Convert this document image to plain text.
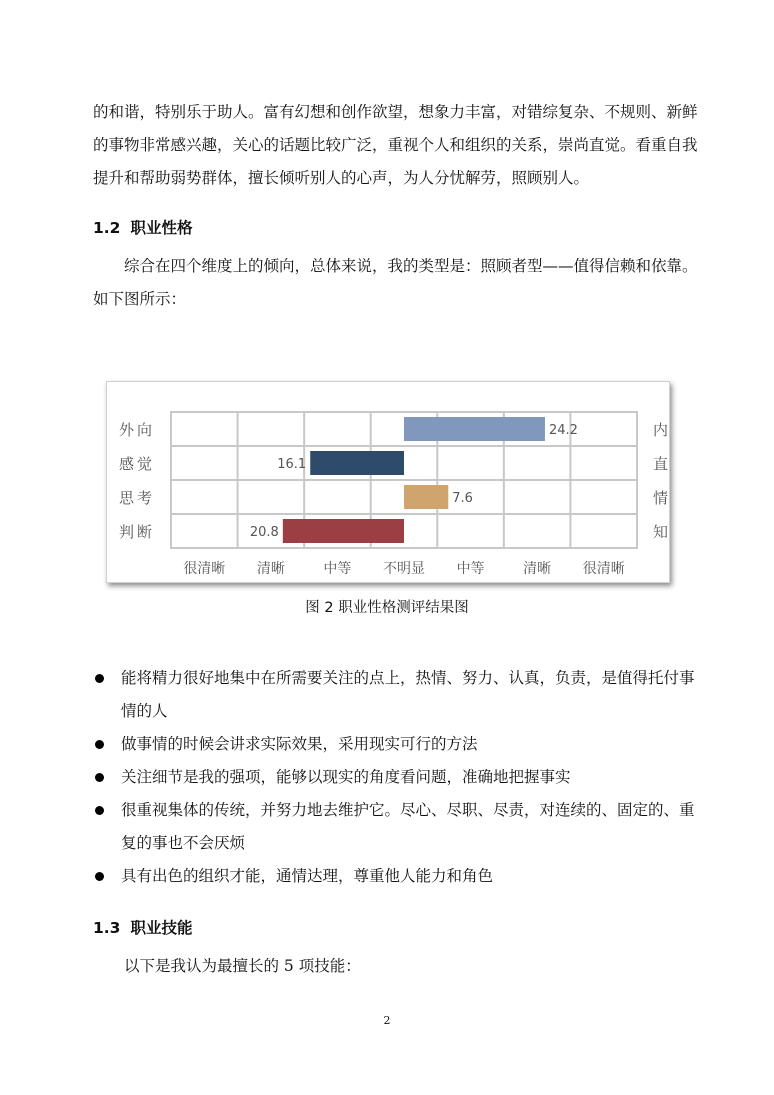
的和谐，特别乐于助人。富有幻想和创作欲望，想象力丰富，对错综复杂、不规则、新鲜的事物非常感兴趣，关心的话题比较广泛，重视个人和组织的关系，崇尚直觉。看重自我提升和帮助弱势群体，擅长倾听别人的心声，为人分忧解劳，照顾别人。

1.2 职业性格

综合在四个维度上的倾向，总体来说，我的类型是：照顾者型——值得信赖和依靠。如下图所示：

24.2
外向	内
16.1
感觉	直
7.6
思考	情
20.8
判断	知
很清晰 清晰	中等 不明显 中等	清晰 很清晰
图 2 职业性格测评结果图
能将精力很好地集中在所需要关注的点上，热情、努力、认真，负责，是值得托付事情的人
做事情的时候会讲求实际效果，采用现实可行的方法
关注细节是我的强项，能够以现实的角度看问题，准确地把握事实
很重视集体的传统，并努力地去维护它。尽心、尽职、尽责，对连续的、固定的、重复的事也不会厌烦
具有出色的组织才能，通情达理，尊重他人能力和角色
1.3 职业技能

以下是我认为最擅长的 5 项技能：

2
